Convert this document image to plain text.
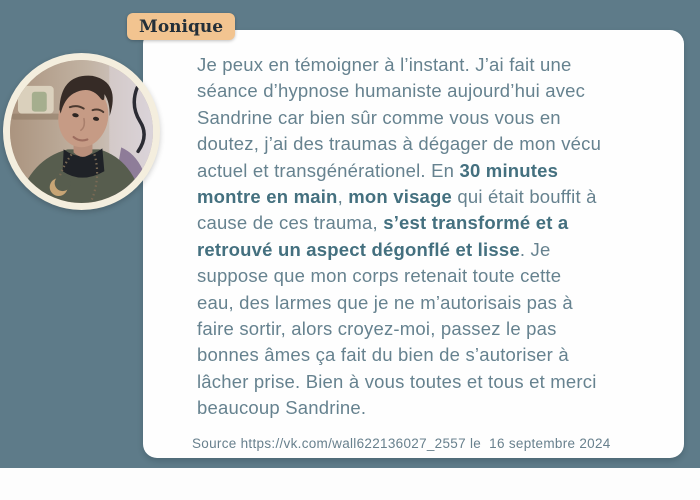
Je peux en témoigner à l’instant. J’ai fait une
séance d’hypnose humaniste aujourd’hui avec
Sandrine car bien sûr comme vous vous en
doutez, j’ai des traumas à dégager de mon vécu
actuel et transgénérationel. En 30 minutes
montre en main, mon visage qui était bouffit à
cause de ces trauma, s’est transformé et a
retrouvé un aspect dégonflé et lisse. Je
suppose que mon corps retenait toute cette
eau, des larmes que je ne m’autorisais pas à
faire sortir, alors croyez-moi, passez le pas
bonnes âmes ça fait du bien de s’autoriser à
lâcher prise. Bien à vous toutes et tous et merci
beaucoup Sandrine.
Source https://vk.com/wall622136027_2557 le  16 septembre 2024
Monique
